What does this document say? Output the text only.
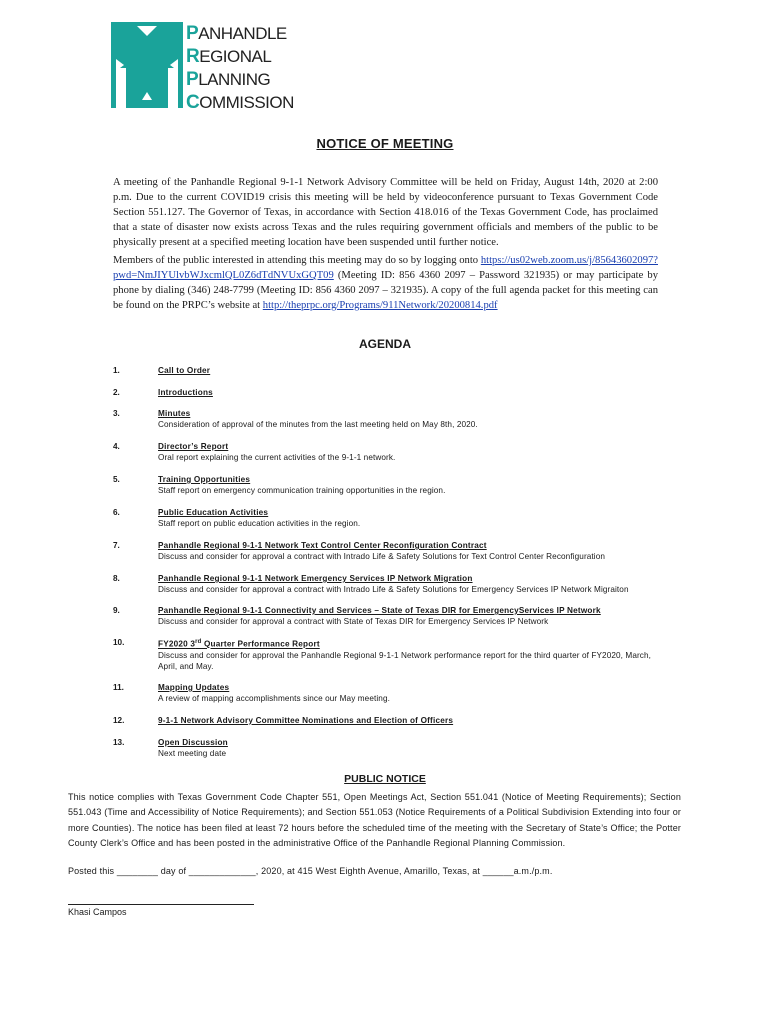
PANHANDLE
REGIONAL
PLANNING
COMMISSION
NOTICE OF MEETING

A meeting of the Panhandle Regional 9-1-1 Network Advisory Committee will be held on Friday, August 14th, 2020 at 2:00 p.m. Due to the current COVID19 crisis this meeting will be held by videoconference pursuant to Texas Government Code Section 551.127. The Governor of Texas, in accordance with Section 418.016 of the Texas Government Code, has proclaimed that a state of disaster now exists across Texas and the rules requiring government officials and members of the public to be physically present at a specified meeting location have been suspended until further notice.

Members of the public interested in attending this meeting may do so by logging onto https://us02web.zoom.us/j/85643602097?pwd=NmJIYUlvbWJxcmlQL0Z6dTdNVUxGQT09 (Meeting ID: 856 4360 2097 – Password 321935) or may participate by phone by dialing (346) 248-7799 (Meeting ID: 856 4360 2097 – 321935). A copy of the full agenda packet for this meeting can be found on the PRPC’s website at http://theprpc.org/Programs/911Network/20200814.pdf

AGENDA
1.	Call to Order
2.	Introductions
3.	Minutes
Consideration of approval of the minutes from the last meeting held on May 8th, 2020.
4.	Director’s Report
Oral report explaining the current activities of the 9-1-1 network.
5.	Training Opportunities
Staff report on emergency communication training opportunities in the region.
6.	Public Education Activities
Staff report on public education activities in the region.
7.	Panhandle Regional 9-1-1 Network Text Control Center Reconfiguration Contract
Discuss and consider for approval a contract with Intrado Life & Safety Solutions for Text Control Center Reconfiguration
8.	Panhandle Regional 9-1-1 Network Emergency Services IP Network Migration
Discuss and consider for approval a contract with Intrado Life & Safety Solutions for Emergency Services IP Network Migraiton
9.	Panhandle Regional 9-1-1 Connectivity and Services – State of Texas DIR for EmergencyServices IP Network
Discuss and consider for approval a contract with State of Texas DIR for Emergency Services IP Network
10.	FY2020 3rd Quarter Performance Report
Discuss and consider for approval the Panhandle Regional 9-1-1 Network performance report for the third quarter of FY2020, March, April, and May.
11.	Mapping Updates
A review of mapping accomplishments since our May meeting.
12.	9-1-1 Network Advisory Committee Nominations and Election of Officers
13.	Open Discussion
Next meeting date
PUBLIC NOTICE

This notice complies with Texas Government Code Chapter 551, Open Meetings Act, Section 551.041 (Notice of Meeting Requirements); Section 551.043 (Time and Accessibility of Notice Requirements); and Section 551.053 (Notice Requirements of a Political Subdivision Extending into four or more Counties). The notice has been filed at least 72 hours before the scheduled time of the meeting with the Secretary of State’s Office; the Potter County Clerk’s Office and has been posted in the administrative Office of the Panhandle Regional Planning Commission.

Posted this ________ day of _____________, 2020, at 415 West Eighth Avenue, Amarillo, Texas, at ______a.m./p.m.
Khasi Campos
